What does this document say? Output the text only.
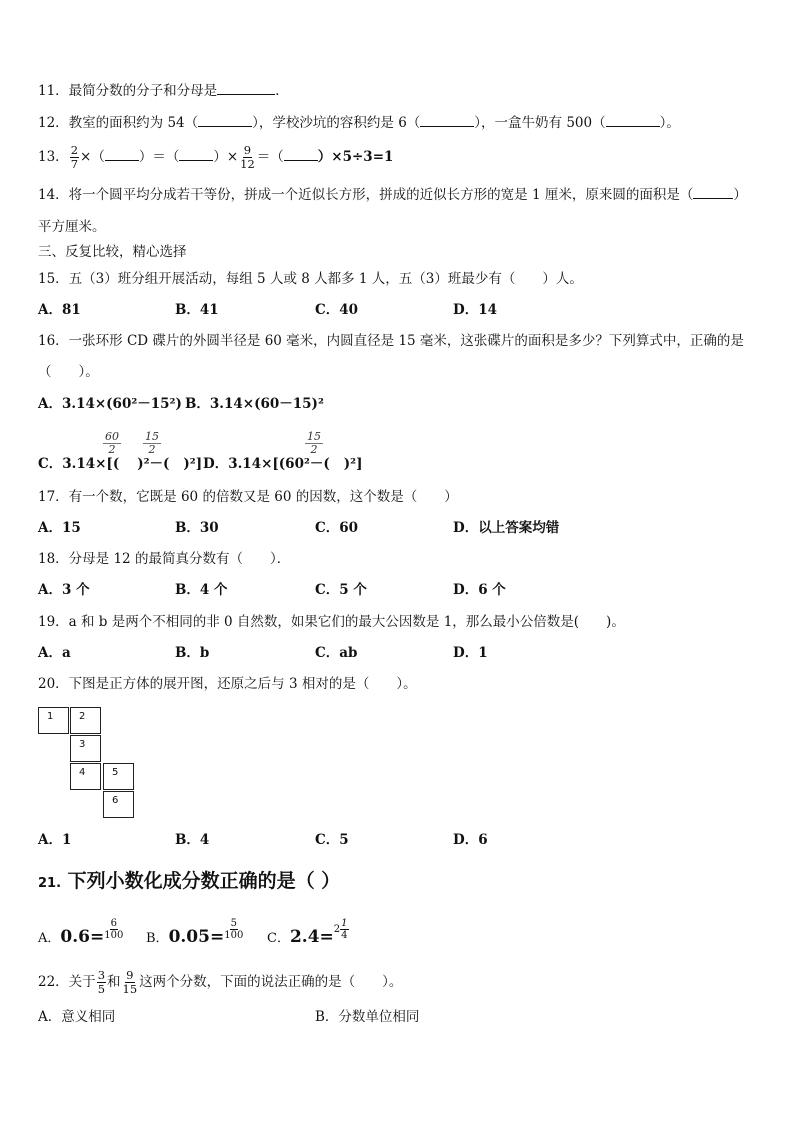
11．最简分数的分子和分母是	．
12．教室的面积约为 54（	），学校沙坑的容积约是 6（	），一盒牛奶有 500（	）。
13． $\frac{2}{7}$ ×（	）＝（	）× $\frac{9}{12}$ ＝（	）×5÷3=1
14．将一个圆平均分成若干等份，拼成一个近似长方形，拼成的近似长方形的宽是 1 厘米，原来圆的面积是（	）
平方厘米。
三、反复比较，精心选择
15．五（3）班分组开展活动，每组 5 人或 8 人都多 1 人，五（3）班最少有（　　）人。
A．81	B．41	C．40	D．14
16．一张环形 CD 碟片的外圆半径是 60 毫米，内圆直径是 15 毫米，这张碟片的面积是多少？下列算式中，正确的是
（　　）。
A．3.14×(60²－15²) B．3.14×(60－15)²
$\frac{60}{2} \frac{15}{2}$	$\frac{15}{2}$
C．3.14×[( )²－( )²] D．3.14×[(60²－( )²]
17．有一个数，它既是 60 的倍数又是 60 的因数，这个数是（　　）
A．15	B．30	C．60	D．以上答案均错
18．分母是 12 的最简真分数有（　　）．
A．3 个	B．4 个	C．5 个	D．6 个
19．a 和 b 是两个不相同的非 0 自然数，如果它们的最大公因数是 1，那么最小公倍数是(　　)。
A．a	B．b	C．ab	D．1
20．下图是正方体的展开图，还原之后与 3 相对的是（　　）。
1	2
3
4	5
6
A．1	B．4	C．5	D．6
21. 下列小数化成分数正确的是（ ）
A．$0.6= \frac{6}{100}$ B．$0.05= \frac{5}{100}$ C．$2.4= 2 \frac{1}{4}$
22．关于 $\frac{3}{5}$ 和 $\frac{9}{15}$ 这两个分数，下面的说法正确的是（　　）。
A．意义相同	B．分数单位相同
